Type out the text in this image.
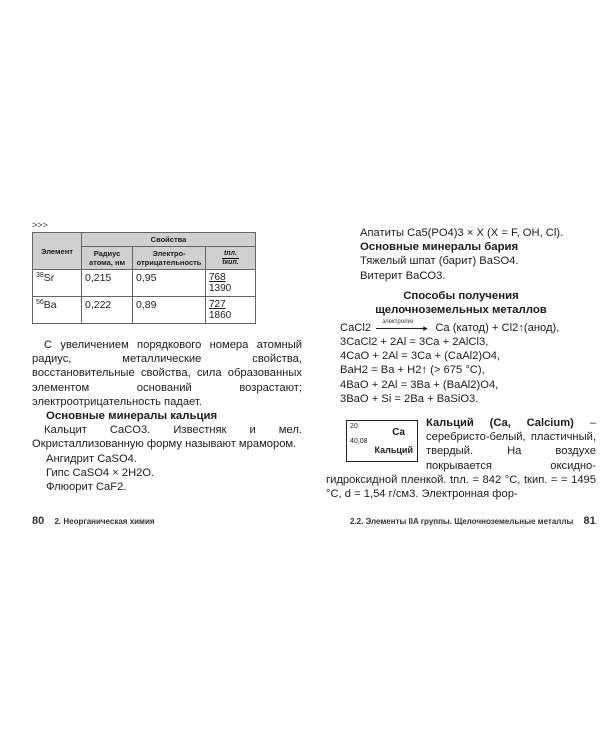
>>>
Элемент	Свойства		
	Радиус атома, нм	Электро-отрицательность	$\frac{\text{tпл.}}{\text{tкип.}}$

$^{38}$Sr	0,215	0,95	$\frac{768}{1390}$
$^{56}$Ba	0,222	0,89	$\frac{727}{1860}$

С увеличением порядкового номера атомный радиус, металлические свойства, восстановительные свойства, сила образованных элементом оснований возрастают; электроотрицательность падает.

Основные минералы кальция

Кальцит CaCO3. Известняк и мел. Окристаллизованную форму называют мрамором.

Ангидрит CaSO4.
Гипс CaSO4 × 2H2O.
Флюорит CaF2.
80 2. Неорганическая химия
Апатиты Ca5(PO4)3 × X (X = F, OH, Cl).
Основные минералы бария
Тяжелый шпат (барит) BaSO4.
Витерит BaCO3.
Способы получения
щелочноземельных металлов
CaCl2 электролиз
▸ Ca (катод) + Cl2↑(анод),
3CaCl2 + 2Al = 3Ca + 2AlCl3,
4CaO + 2Al = 3Ca + (CaAl2)O4,
BaH2 = Ba + H2↑ (> 675 °C),
4BaO + 2Al = 3Ba + (BaAl2)O4,
3BaO + Si = 2Ba + BaSiO3.
20
40,08
Ca
Кальций

Кальций (Ca, Calcium) – серебристо-белый, пластичный, твердый. На воздухе покрывается оксидно-гидроксидной пленкой. tпл. = 842 °C, tкип. = = 1495 °C, d = 1,54 г/см3. Электронная фор-

2.2. Элементы IIA группы. Щелочноземельные металлы 81
